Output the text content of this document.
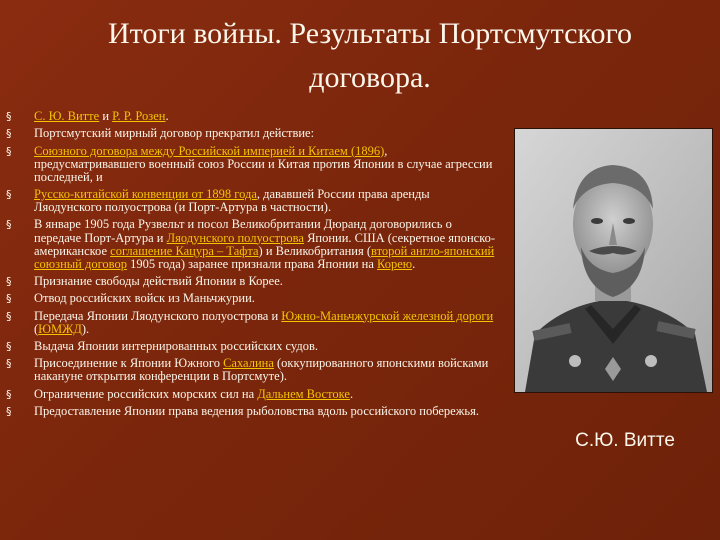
Итоги войны. Результаты Портсмутского
договора.
§ С. Ю. Витте и Р. Р. Розен.
§ Портсмутский мирный договор прекратил действие:
§ Союзного договора между Российской империей и Китаем (1896), предусматривавшего военный союз России и Китая против Японии в случае агрессии последней, и
§ Русско-китайской конвенции от 1898 года, дававшей России права аренды Ляодунского полуострова (и Порт-Артура в частности).
§ В январе 1905 года Рузвельт и посол Великобритании Дюранд договорились о передаче Порт-Артура и Ляодунского полуострова Японии. США (секретное японско-американское соглашение Кацура – Тафта) и Великобритания (второй англо-японский союзный договор 1905 года) заранее признали права Японии на Корею.
§ Признание свободы действий Японии в Корее.
§ Отвод российских войск из Маньчжурии.
§ Передача Японии Ляодунского полуострова и Южно-Маньчжурской железной дороги (ЮМЖД).
§ Выдача Японии интернированных российских судов.
§ Присоединение к Японии Южного Сахалина (оккупированного японскими войсками накануне открытия конференции в Портсмуте).
§ Ограничение российских морских сил на Дальнем Востоке.
§ Предоставление Японии права ведения рыболовства вдоль российского побережья.
С.Ю. Витте
